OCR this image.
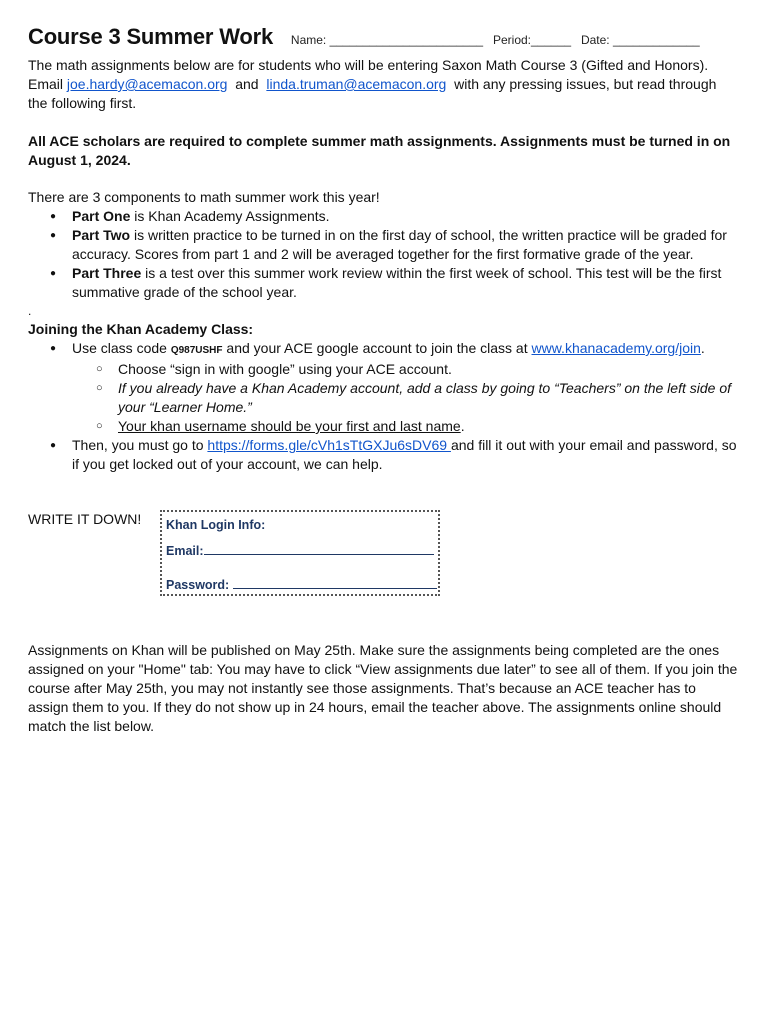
Course 3 Summer Work Name: _______________________ Period:______ Date: _____________
The math assignments below are for students who will be entering Saxon Math Course 3 (Gifted and Honors).
Email joe.hardy@acemacon.org and linda.truman@acemacon.org with any pressing issues, but read through the following first.
All ACE scholars are required to complete summer math assignments. Assignments must be turned in on August 1, 2024.
There are 3 components to math summer work this year!
● Part One is Khan Academy Assignments.
● Part Two is written practice to be turned in on the first day of school, the written practice will be graded for accuracy. Scores from part 1 and 2 will be averaged together for the first formative grade of the year.
● Part Three is a test over this summer work review within the first week of school. This test will be the first summative grade of the school year.
.
Joining the Khan Academy Class:
● Use class code Q987USHF and your ACE google account to join the class at www.khanacademy.org/join.
○ Choose “sign in with google” using your ACE account.
○ If you already have a Khan Academy account, add a class by going to “Teachers” on the left side of your “Learner Home.”
○ Your khan username should be your first and last name.
● Then, you must go to https://forms.gle/cVh1sTtGXJu6sDV69 and fill it out with your email and password, so if you get locked out of your account, we can help.
WRITE IT DOWN! Khan Login Info:
Email:
Password:
Assignments on Khan will be published on May 25th. Make sure the assignments being completed are the ones assigned on your "Home" tab: You may have to click “View assignments due later” to see all of them. If you join the course after May 25th, you may not instantly see those assignments. That’s because an ACE teacher has to assign them to you. If they do not show up in 24 hours, email the teacher above. The assignments online should match the list below.
